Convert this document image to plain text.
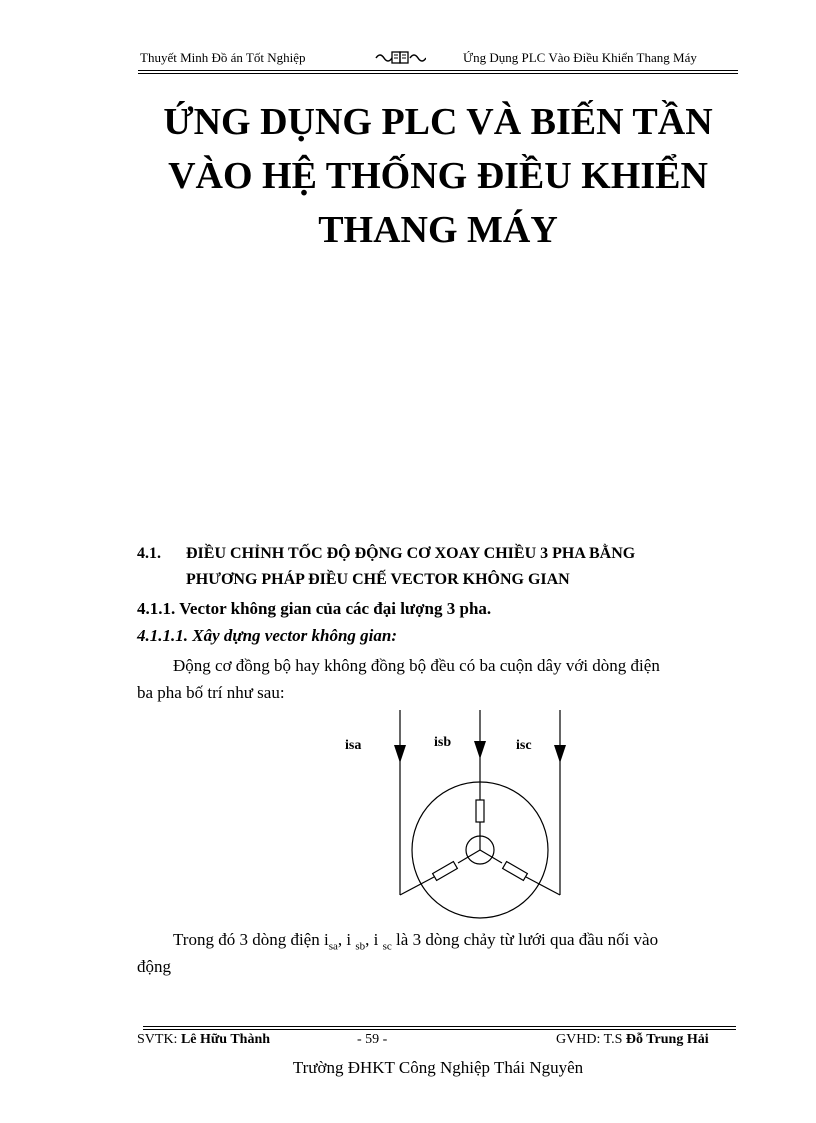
Thuyết Minh Đồ án Tốt Nghiệp	Ứng Dụng PLC Vào Điều Khiển Thang Máy
ỨNG DỤNG PLC VÀ BIẾN TẦN
VÀO HỆ THỐNG ĐIỀU KHIỂN
THANG MÁY
4.1. ĐIỀU CHỈNH TỐC ĐỘ ĐỘNG CƠ XOAY CHIỀU 3 PHA BẰNG
PHƯƠNG PHÁP ĐIỀU CHẾ VECTOR KHÔNG GIAN
4.1.1. Vector không gian của các đại lượng 3 pha.
4.1.1.1. Xây dựng vector không gian:
Động cơ đồng bộ hay không đồng bộ đều có ba cuộn dây với dòng điện
ba pha bố trí như sau:
isa	isb	isc
Trong đó 3 dòng điện $i_{sa}$, i $_{sb}$, i $_{sc}$ là 3 dòng chảy từ lưới qua đầu nối vào
động
SVTK: Lê Hữu Thành	- 59 -	GVHD: T.S Đỗ Trung Hải
Trường ĐHKT Công Nghiệp Thái Nguyên
